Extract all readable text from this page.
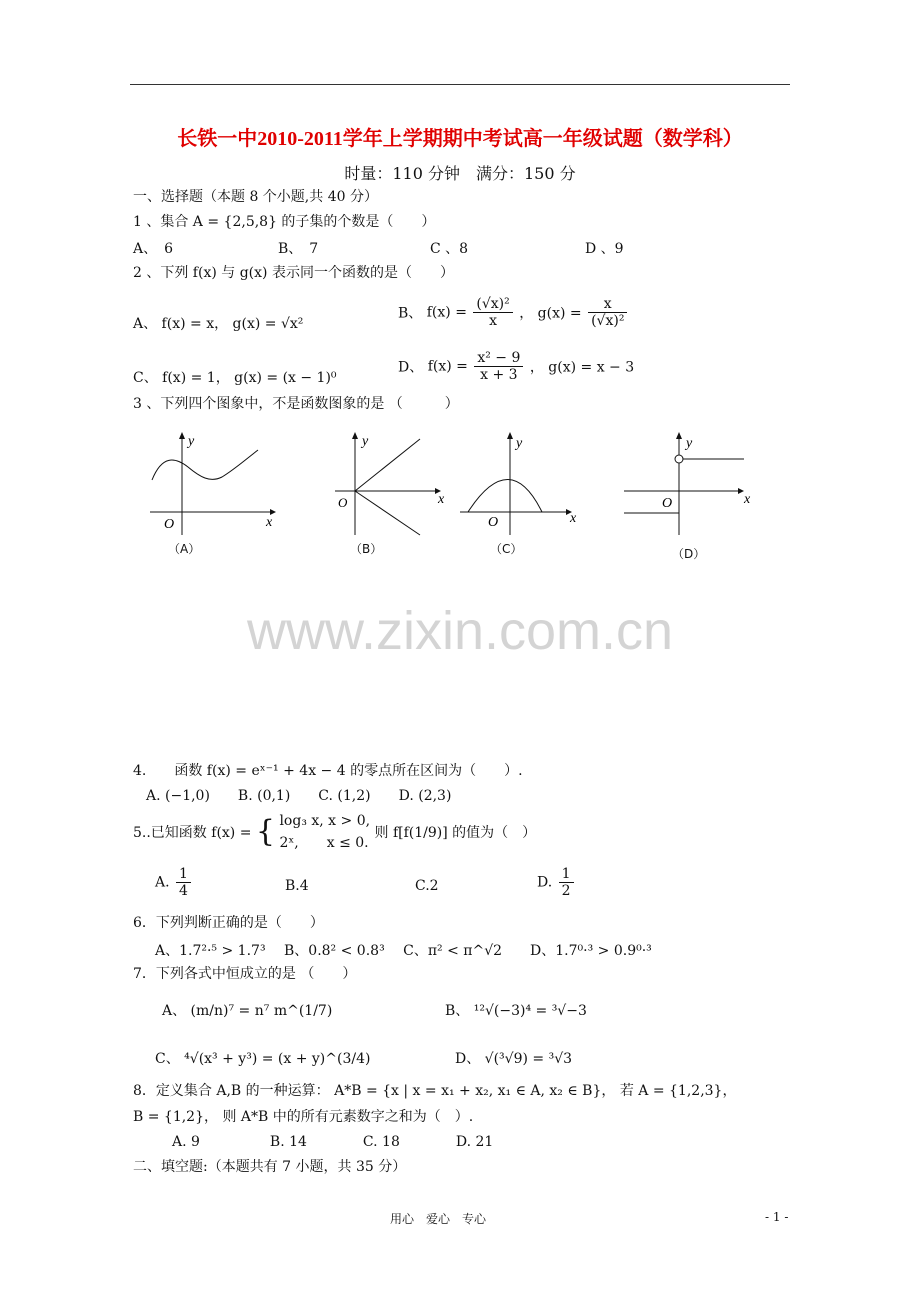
长铁一中2010-2011学年上学期期中考试高一年级试题（数学科）
时量：110 分钟　满分：150 分
一、选择题（本题 8 个小题,共 40 分）
1 、集合 A = {2,5,8} 的子集的个数是（　　）
A、　6	B、　7	C 、8	D 、9
2 、下列 f(x) 与 g(x) 表示同一个函数的是（　　）
A、 f(x) = x， g(x) = √x²
B、 $f(x) = \frac{\text{(√x)²}}{x}$ ， $g(x) = \frac{x}{\text{(√x)²}}$
C、 f(x) = 1， g(x) = (x − 1)⁰
D、 $f(x) = \frac{\text{x² − 9}}{x + 3}$ ， g(x) = x − 3
3 、下列四个图象中，不是函数图象的是 （　　　）
y
x
O
y
x
O
y
x
O
y
x
O
（A）	（B）	（C）	（D）
www.zixin.com.cn
4.　　函数 f(x) = eˣ⁻¹ + 4x − 4 的零点所在区间为（　　）.
A. (−1,0)　　B. (0,1)　　C. (1,2)　　D. (2,3)
5..已知函数 f(x) = { log₃ x, x > 0,
2ˣ,　　x ≤ 0.
则 f[f(1/9)] 的值为（　）
A. $\frac{1}{4}$	B.4	C.2	D. $\frac{1}{2}$
6．下列判断正确的是（　　）
A、1.7²·⁵ > 1.7³　 B、0.8² < 0.8³　 C、π² < π^√2　　D、1.7⁰·³ > 0.9⁰·³
7．下列各式中恒成立的是 （　　）
A、 (m/n)⁷ = n⁷ m^(1/7)	B、 ¹²√(−3)⁴ = ³√−3
C、 ⁴√(x³ + y³) = (x + y)^(3/4)	D、 √(³√9) = ³√3
8．定义集合 A,B 的一种运算： A*B = {x | x = x₁ + x₂, x₁ ∈ A, x₂ ∈ B}， 若 A = {1,2,3}，
B = {1,2}， 则 A*B 中的所有元素数字之和为（　）.
A. 9　　　　　B. 14　　　　C. 18　　　　D. 21
二、填空题:（本题共有 7 小题，共 35 分）
用心　爱心　专心	- 1 -
